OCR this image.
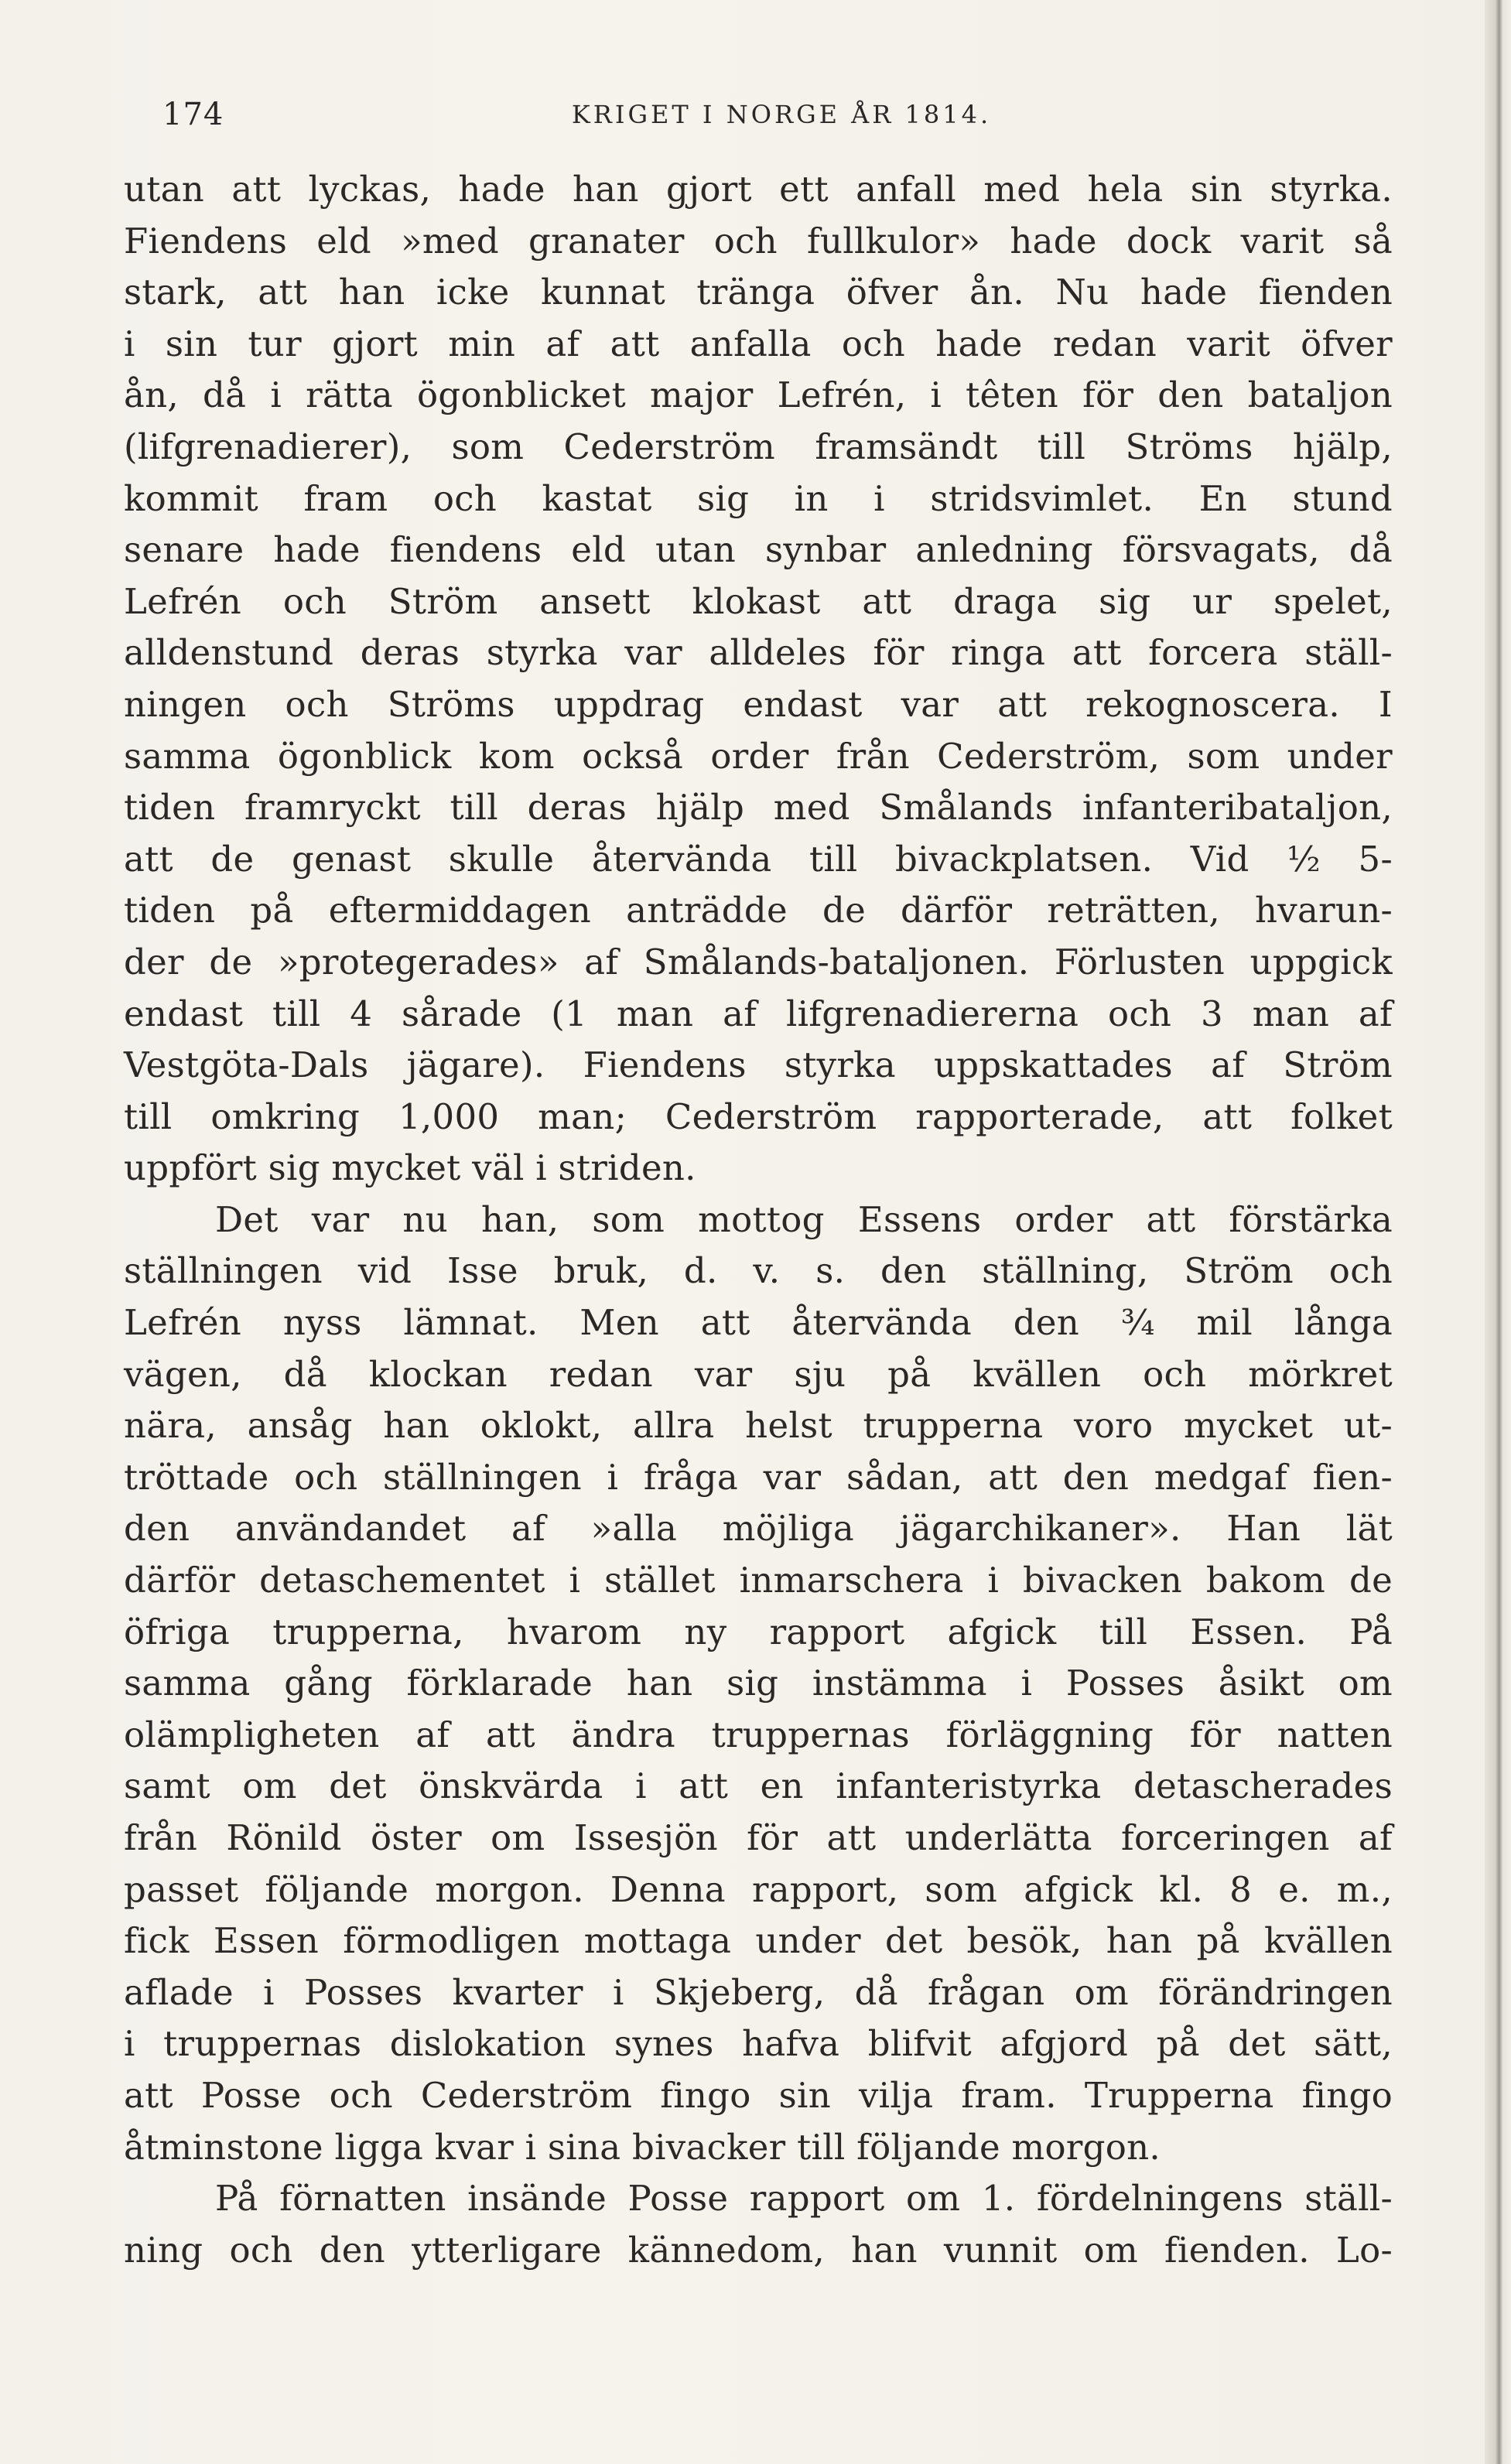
174	KRIGET I NORGE ÅR 1814.
utan att lyckas, hade han gjort ett anfall med hela sin styrka.
Fiendens eld »med granater och fullkulor» hade dock varit så
stark, att han icke kunnat tränga öfver ån. Nu hade fienden
i sin tur gjort min af att anfalla och hade redan varit öfver
ån, då i rätta ögonblicket major Lefrén, i têten för den bataljon
(lifgrenadierer), som Cederström framsändt till Ströms hjälp,
kommit fram och kastat sig in i stridsvimlet. En stund
senare hade fiendens eld utan synbar anledning försvagats, då
Lefrén och Ström ansett klokast att draga sig ur spelet,
alldenstund deras styrka var alldeles för ringa att forcera ställ-
ningen och Ströms uppdrag endast var att rekognoscera. I
samma ögonblick kom också order från Cederström, som under
tiden framryckt till deras hjälp med Smålands infanteribataljon,
att de genast skulle återvända till bivackplatsen. Vid ½ 5-
tiden på eftermiddagen anträdde de därför reträtten, hvarun-
der de »protegerades» af Smålands-bataljonen. Förlusten uppgick
endast till 4 sårade (1 man af lifgrenadiererna och 3 man af
Vestgöta-Dals jägare). Fiendens styrka uppskattades af Ström
till omkring 1,000 man; Cederström rapporterade, att folket
uppfört sig mycket väl i striden.
Det var nu han, som mottog Essens order att förstärka
ställningen vid Isse bruk, d. v. s. den ställning, Ström och
Lefrén nyss lämnat. Men att återvända den ¾ mil långa
vägen, då klockan redan var sju på kvällen och mörkret
nära, ansåg han oklokt, allra helst trupperna voro mycket ut-
tröttade och ställningen i fråga var sådan, att den medgaf fien-
den användandet af »alla möjliga jägarchikaner». Han lät
därför detaschementet i stället inmarschera i bivacken bakom de
öfriga trupperna, hvarom ny rapport afgick till Essen. På
samma gång förklarade han sig instämma i Posses åsikt om
olämpligheten af att ändra truppernas förläggning för natten
samt om det önskvärda i att en infanteristyrka detascherades
från Rönild öster om Issesjön för att underlätta forceringen af
passet följande morgon. Denna rapport, som afgick kl. 8 e. m.,
fick Essen förmodligen mottaga under det besök, han på kvällen
aflade i Posses kvarter i Skjeberg, då frågan om förändringen
i truppernas dislokation synes hafva blifvit afgjord på det sätt,
att Posse och Cederström fingo sin vilja fram. Trupperna fingo
åtminstone ligga kvar i sina bivacker till följande morgon.
På förnatten insände Posse rapport om 1. fördelningens ställ-
ning och den ytterligare kännedom, han vunnit om fienden. Lo-
